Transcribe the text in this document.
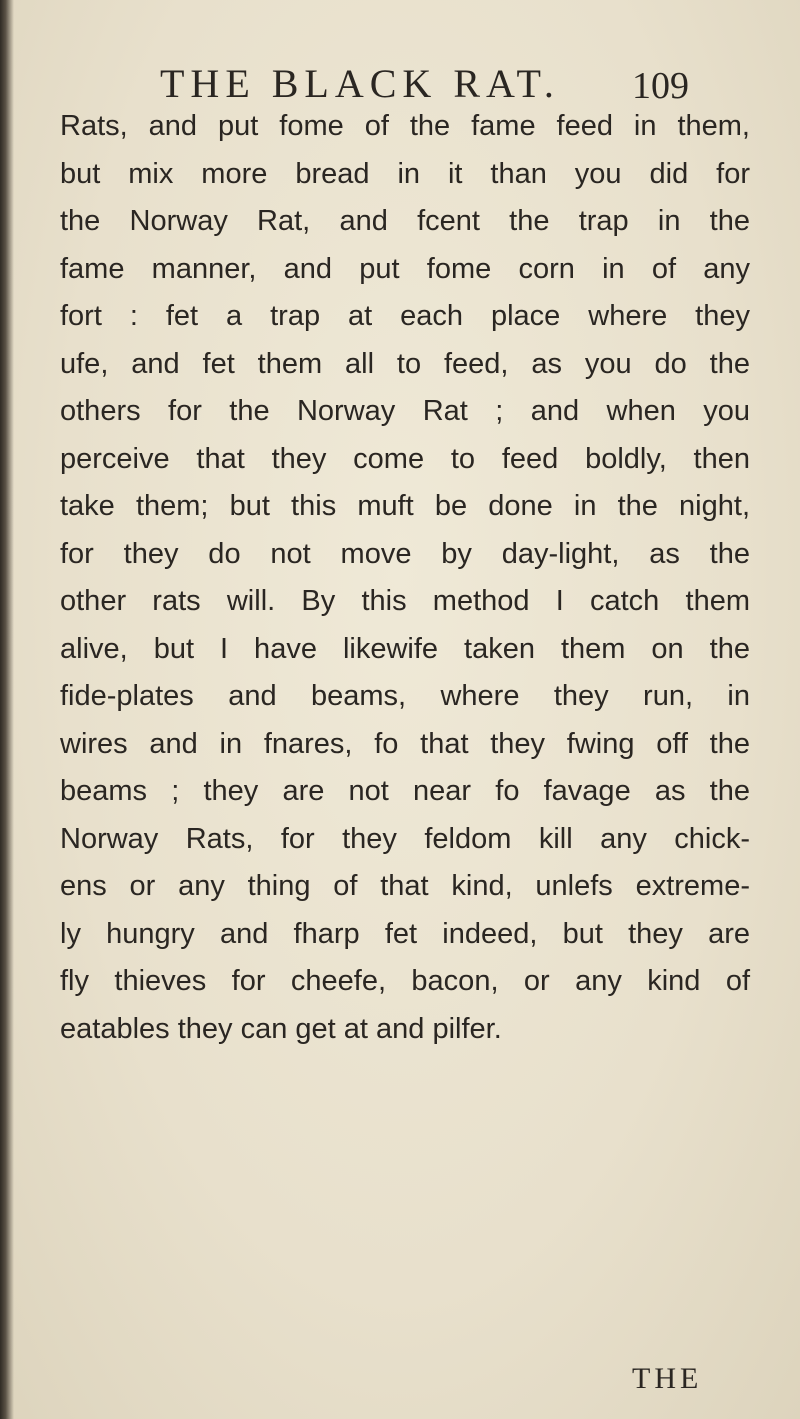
THE BLACK RAT.	109
Rats, and put fome of the fame feed in them,
but mix more bread in it than you did for
the Norway Rat, and fcent the trap in the
fame manner, and put fome corn in of any
fort : fet a trap at each place where they
ufe, and fet them all to feed, as you do the
others for the Norway Rat ; and when you
perceive that they come to feed boldly, then
take them; but this muft be done in the night,
for they do not move by day-light, as the
other rats will. By this method I catch them
alive, but I have likewife taken them on the
fide-plates and beams, where they run, in
wires and in fnares, fo that they fwing off the
beams ; they are not near fo favage as the
Norway Rats, for they feldom kill any chick-
ens or any thing of that kind, unlefs extreme-
ly hungry and fharp fet indeed, but they are
fly thieves for cheefe, bacon, or any kind of
eatables they can get at and pilfer.
THE
